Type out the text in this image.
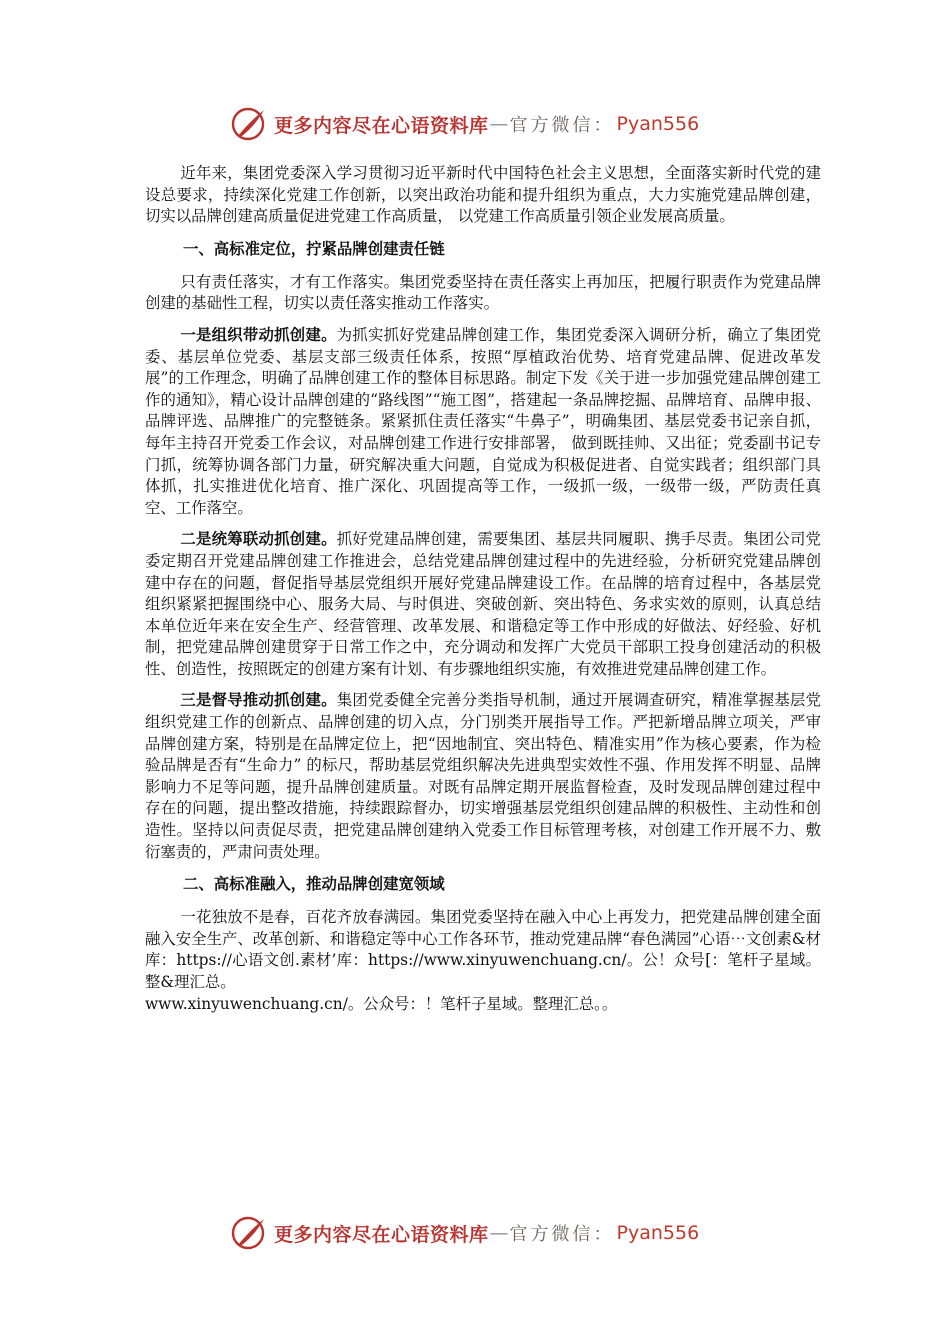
更多内容尽在心语资料库 — 官方微信： Pyan556

近年来，集团党委深入学习贯彻习近平新时代中国特色社会主义思想，全面落实新时代党的建设总要求，持续深化党建工作创新，以突出政治功能和提升组织为重点，大力实施党建品牌创建，切实以品牌创建高质量促进党建工作高质量， 以党建工作高质量引领企业发展高质量。

一、高标准定位，拧紧品牌创建责任链

只有责任落实，才有工作落实。集团党委坚持在责任落实上再加压，把履行职责作为党建品牌创建的基础性工程，切实以责任落实推动工作落实。

一是组织带动抓创建。为抓实抓好党建品牌创建工作，集团党委深入调研分析，确立了集团党委、基层单位党委、基层支部三级责任体系，按照“厚植政治优势、培育党建品牌、促进改革发展”的工作理念，明确了品牌创建工作的整体目标思路。制定下发《关于进一步加强党建品牌创建工作的通知》，精心设计品牌创建的“路线图”“施工图”，搭建起一条品牌挖掘、品牌培育、品牌申报、品牌评选、品牌推广的完整链条。紧紧抓住责任落实“牛鼻子”，明确集团、基层党委书记亲自抓，每年主持召开党委工作会议，对品牌创建工作进行安排部署， 做到既挂帅、又出征；党委副书记专门抓，统筹协调各部门力量，研究解决重大问题，自觉成为积极促进者、自觉实践者；组织部门具体抓，扎实推进优化培育、推广深化、巩固提高等工作，一级抓一级，一级带一级，严防责任真空、工作落空。

二是统筹联动抓创建。抓好党建品牌创建，需要集团、基层共同履职、携手尽责。集团公司党委定期召开党建品牌创建工作推进会，总结党建品牌创建过程中的先进经验，分析研究党建品牌创建中存在的问题，督促指导基层党组织开展好党建品牌建设工作。在品牌的培育过程中，各基层党组织紧紧把握围绕中心、服务大局、与时俱进、突破创新、突出特色、务求实效的原则，认真总结本单位近年来在安全生产、经营管理、改革发展、和谐稳定等工作中形成的好做法、好经验、好机制，把党建品牌创建贯穿于日常工作之中，充分调动和发挥广大党员干部职工投身创建活动的积极性、创造性，按照既定的创建方案有计划、有步骤地组织实施，有效推进党建品牌创建工作。

三是督导推动抓创建。集团党委健全完善分类指导机制，通过开展调查研究，精准掌握基层党组织党建工作的创新点、品牌创建的切入点，分门别类开展指导工作。严把新增品牌立项关，严审品牌创建方案，特别是在品牌定位上，把“因地制宜、突出特色、精准实用”作为核心要素，作为检验品牌是否有“生命力” 的标尺，帮助基层党组织解决先进典型实效性不强、作用发挥不明显、品牌影响力不足等问题，提升品牌创建质量。对既有品牌定期开展监督检查，及时发现品牌创建过程中存在的问题，提出整改措施，持续跟踪督办，切实增强基层党组织创建品牌的积极性、主动性和创造性。坚持以问责促尽责，把党建品牌创建纳入党委工作目标管理考核，对创建工作开展不力、敷衍塞责的，严肃问责处理。

二、高标准融入，推动品牌创建宽领域

一花独放不是春，百花齐放春满园。集团党委坚持在融入中心上再发力，把党建品牌创建全面融入安全生产、改革创新、和谐稳定等中心工作各环节，推动党建品牌“春色满园”心语⋯文创素&材库：https://心语文创.素材’库：https://www.xinyuwenchuang.cn/。公！众号[：笔杆子星域。整&理汇总。

www.xinyuwenchuang.cn/。公众号：！笔杆子星域。整理汇总。。

更多内容尽在心语资料库 — 官方微信： Pyan556
